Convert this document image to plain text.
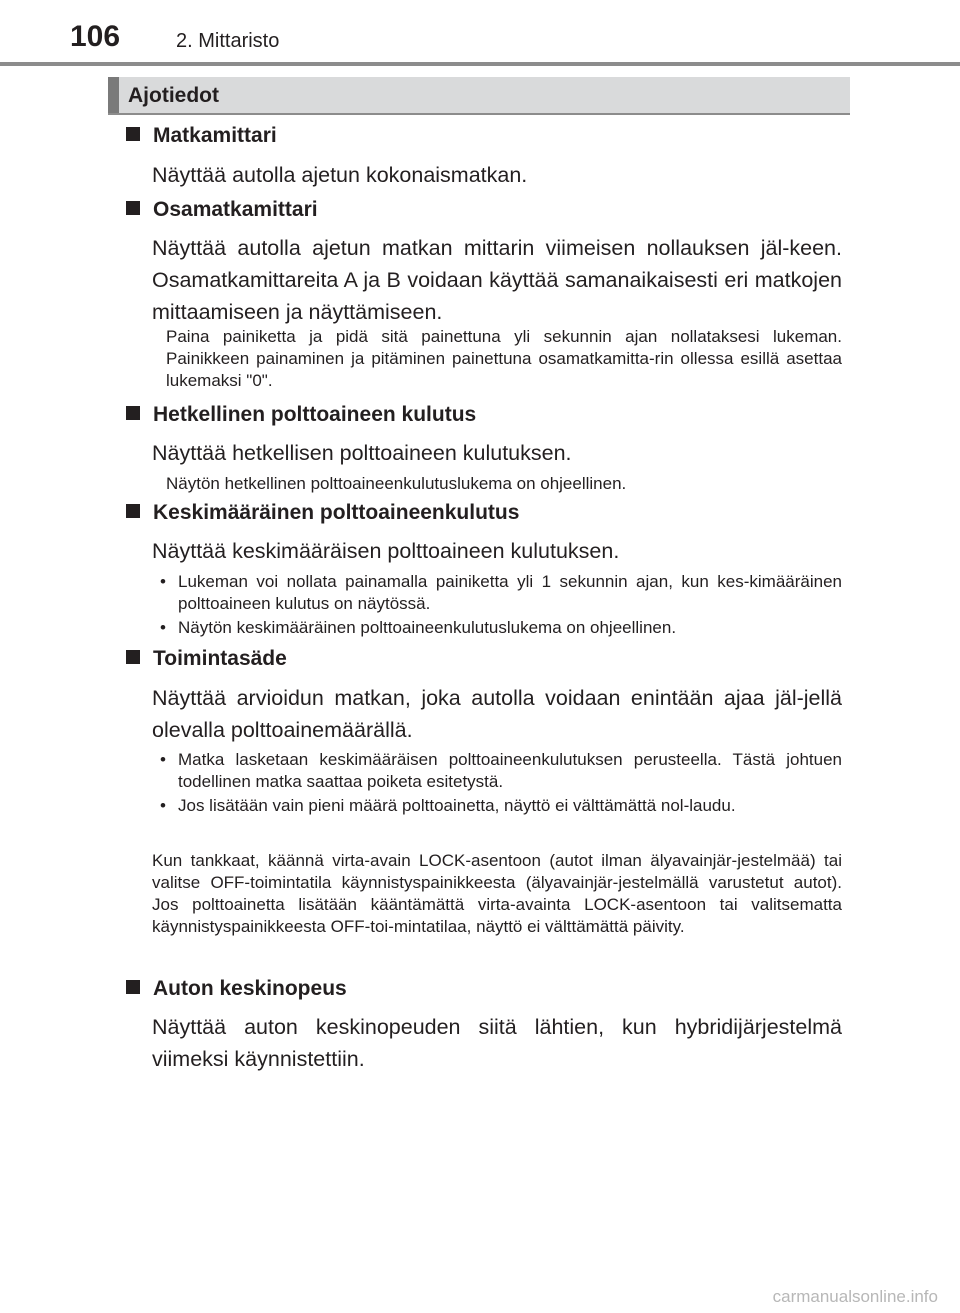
106	2. Mittaristo
Ajotiedot
Matkamittari
Näyttää autolla ajetun kokonaismatkan.
Osamatkamittari
Näyttää autolla ajetun matkan mittarin viimeisen nollauksen jäl-keen. Osamatkamittareita A ja B voidaan käyttää samanaikaisesti eri matkojen mittaamiseen ja näyttämiseen.
Paina painiketta ja pidä sitä painettuna yli sekunnin ajan nollataksesi lukeman. Painikkeen painaminen ja pitäminen painettuna osamatkamitta-rin ollessa esillä asettaa lukemaksi "0".
Hetkellinen polttoaineen kulutus
Näyttää hetkellisen polttoaineen kulutuksen.
Näytön hetkellinen polttoaineenkulutuslukema on ohjeellinen.
Keskimääräinen polttoaineenkulutus
Näyttää keskimääräisen polttoaineen kulutuksen.
• Lukeman voi nollata painamalla painiketta yli 1 sekunnin ajan, kun kes-kimääräinen polttoaineen kulutus on näytössä.
• Näytön keskimääräinen polttoaineenkulutuslukema on ohjeellinen.
Toimintasäde
Näyttää arvioidun matkan, joka autolla voidaan enintään ajaa jäl-jellä olevalla polttoainemäärällä.
• Matka lasketaan keskimääräisen polttoaineenkulutuksen perusteella. Tästä johtuen todellinen matka saattaa poiketa esitetystä.
• Jos lisätään vain pieni määrä polttoainetta, näyttö ei välttämättä nol-laudu.
Kun tankkaat, käännä virta-avain LOCK-asentoon (autot ilman älyavainjär-jestelmää) tai valitse OFF-toimintatila käynnistyspainikkeesta (älyavainjär-jestelmällä varustetut autot). Jos polttoainetta lisätään kääntämättä virta-avainta LOCK-asentoon tai valitsematta käynnistyspainikkeesta OFF-toi-mintatilaa, näyttö ei välttämättä päivity.
Auton keskinopeus
Näyttää auton keskinopeuden siitä lähtien, kun hybridijärjestelmä viimeksi käynnistettiin.
carmanualsonline.info
